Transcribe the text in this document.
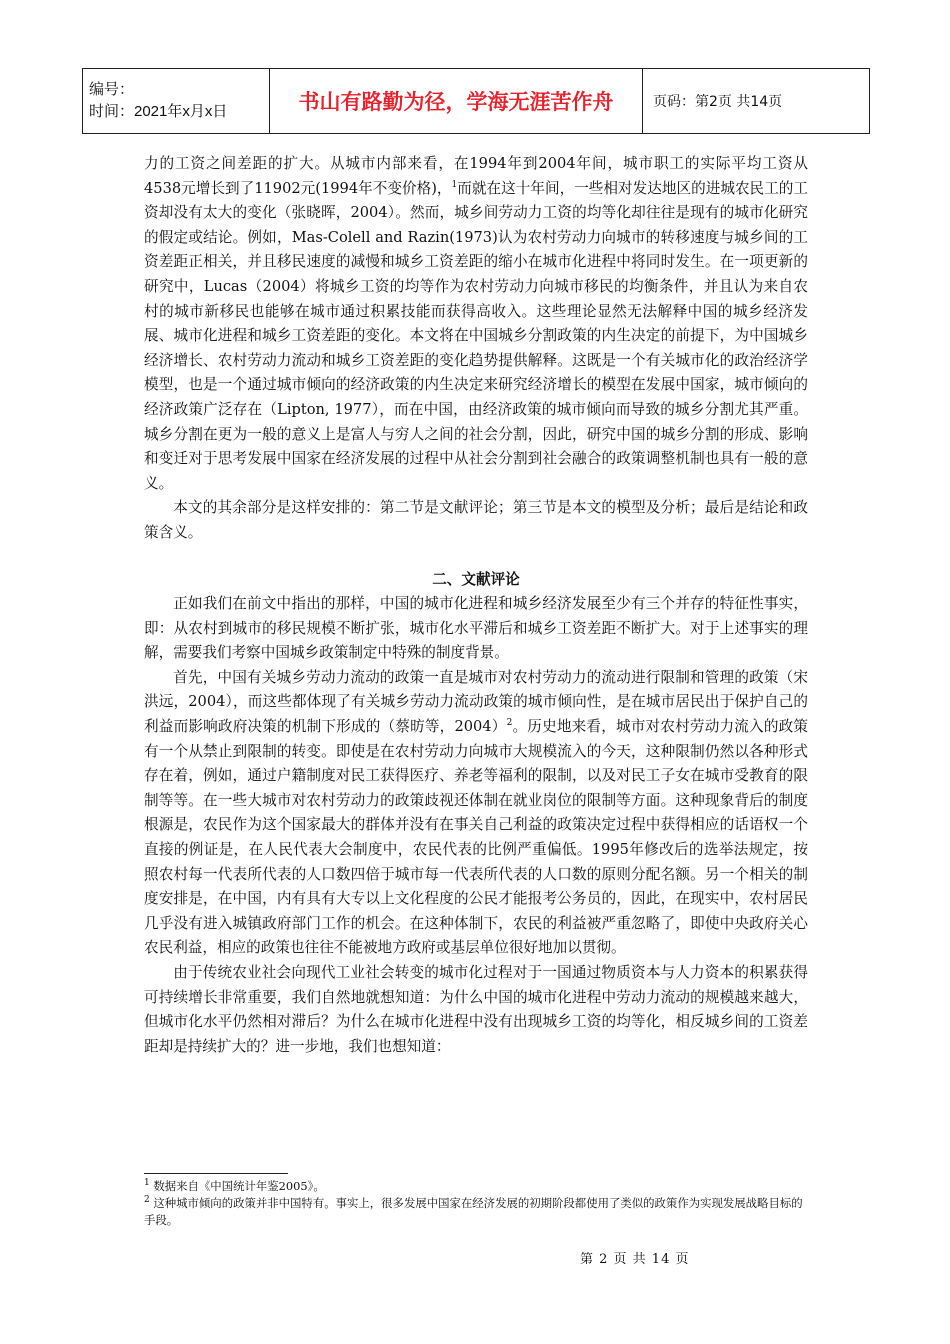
编号：
时间：2021年x月x日	书山有路勤为径，学海无涯苦作舟	页码：第2页 共14页

力的工资之间差距的扩大。从城市内部来看，在1994年到2004年间，城市职工的实际平均工资从4538元增长到了11902元(1994年不变价格)，$^1$而就在这十年间，一些相对发达地区的进城农民工的工资却没有太大的变化（张晓晖，2004）。然而，城乡间劳动力工资的均等化却往往是现有的城市化研究的假定或结论。例如，Mas-Colell and Razin(1973)认为农村劳动力向城市的转移速度与城乡间的工资差距正相关，并且移民速度的减慢和城乡工资差距的缩小在城市化进程中将同时发生。在一项更新的研究中，Lucas（2004）将城乡工资的均等作为农村劳动力向城市移民的均衡条件，并且认为来自农村的城市新移民也能够在城市通过积累技能而获得高收入。这些理论显然无法解释中国的城乡经济发展、城市化进程和城乡工资差距的变化。本文将在中国城乡分割政策的内生决定的前提下，为中国城乡经济增长、农村劳动力流动和城乡工资差距的变化趋势提供解释。这既是一个有关城市化的政治经济学模型，也是一个通过城市倾向的经济政策的内生决定来研究经济增长的模型在发展中国家，城市倾向的经济政策广泛存在（Lipton, 1977），而在中国，由经济政策的城市倾向而导致的城乡分割尤其严重。城乡分割在更为一般的意义上是富人与穷人之间的社会分割，因此，研究中国的城乡分割的形成、影响和变迁对于思考发展中国家在经济发展的过程中从社会分割到社会融合的政策调整机制也具有一般的意义。

本文的其余部分是这样安排的：第二节是文献评论；第三节是本文的模型及分析；最后是结论和政策含义。

二、文献评论

正如我们在前文中指出的那样，中国的城市化进程和城乡经济发展至少有三个并存的特征性事实，即：从农村到城市的移民规模不断扩张，城市化水平滞后和城乡工资差距不断扩大。对于上述事实的理解，需要我们考察中国城乡政策制定中特殊的制度背景。

首先，中国有关城乡劳动力流动的政策一直是城市对农村劳动力的流动进行限制和管理的政策（宋洪远，2004），而这些都体现了有关城乡劳动力流动政策的城市倾向性，是在城市居民出于保护自己的利益而影响政府决策的机制下形成的（蔡昉等，2004）$^2$。历史地来看，城市对农村劳动力流入的政策有一个从禁止到限制的转变。即使是在农村劳动力向城市大规模流入的今天，这种限制仍然以各种形式存在着，例如，通过户籍制度对民工获得医疗、养老等福利的限制，以及对民工子女在城市受教育的限制等等。在一些大城市对农村劳动力的政策歧视还体制在就业岗位的限制等方面。这种现象背后的制度根源是，农民作为这个国家最大的群体并没有在事关自己利益的政策决定过程中获得相应的话语权一个直接的例证是，在人民代表大会制度中，农民代表的比例严重偏低。1995年修改后的选举法规定，按照农村每一代表所代表的人口数四倍于城市每一代表所代表的人口数的原则分配名额。另一个相关的制度安排是，在中国，内有具有大专以上文化程度的公民才能报考公务员的，因此，在现实中，农村居民几乎没有进入城镇政府部门工作的机会。在这种体制下，农民的利益被严重忽略了，即使中央政府关心农民利益，相应的政策也往往不能被地方政府或基层单位很好地加以贯彻。

由于传统农业社会向现代工业社会转变的城市化过程对于一国通过物质资本与人力资本的积累获得可持续增长非常重要，我们自然地就想知道：为什么中国的城市化进程中劳动力流动的规模越来越大，但城市化水平仍然相对滞后？为什么在城市化进程中没有出现城乡工资的均等化，相反城乡间的工资差距却是持续扩大的？进一步地，我们也想知道：

$^1$ 数据来自《中国统计年鉴2005》。

$^2$ 这种城市倾向的政策并非中国特有。事实上，很多发展中国家在经济发展的初期阶段都使用了类似的政策作为实现发展战略目标的手段。

第 2 页 共 14 页
